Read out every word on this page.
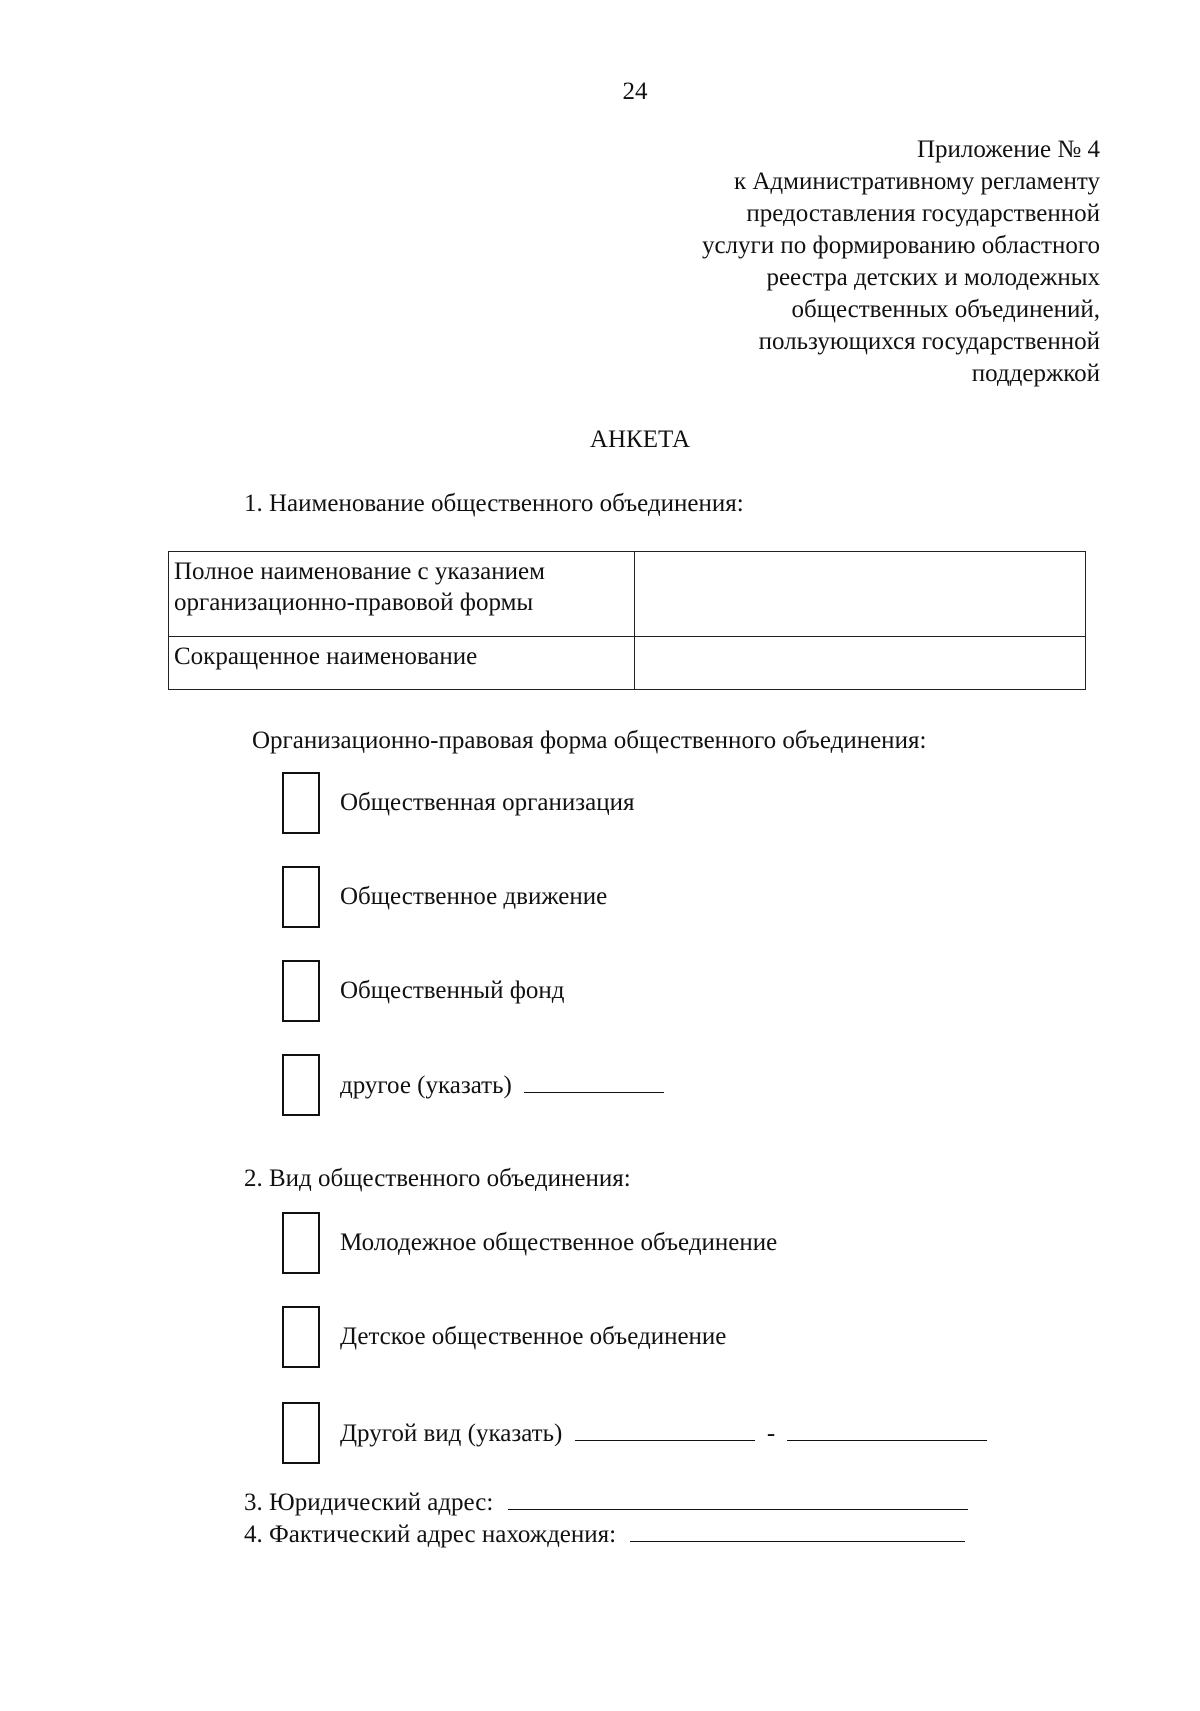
24
Приложение № 4
к Административному регламенту
предоставления государственной
услуги по формированию областного
реестра детских и молодежных
общественных объединений,
пользующихся государственной
поддержкой
АНКЕТА
1. Наименование общественного объединения:
Полное наименование с указанием организационно-правовой формы	
Сокращенное наименование	
Организационно-правовая форма общественного объединения:
Общественная организация
Общественное движение
Общественный фонд
другое (указать)
2. Вид общественного объединения:
Молодежное общественное объединение
Детское общественное объединение
Другой вид (указать)	-
3. Юридический адрес:
4. Фактический адрес нахождения:
